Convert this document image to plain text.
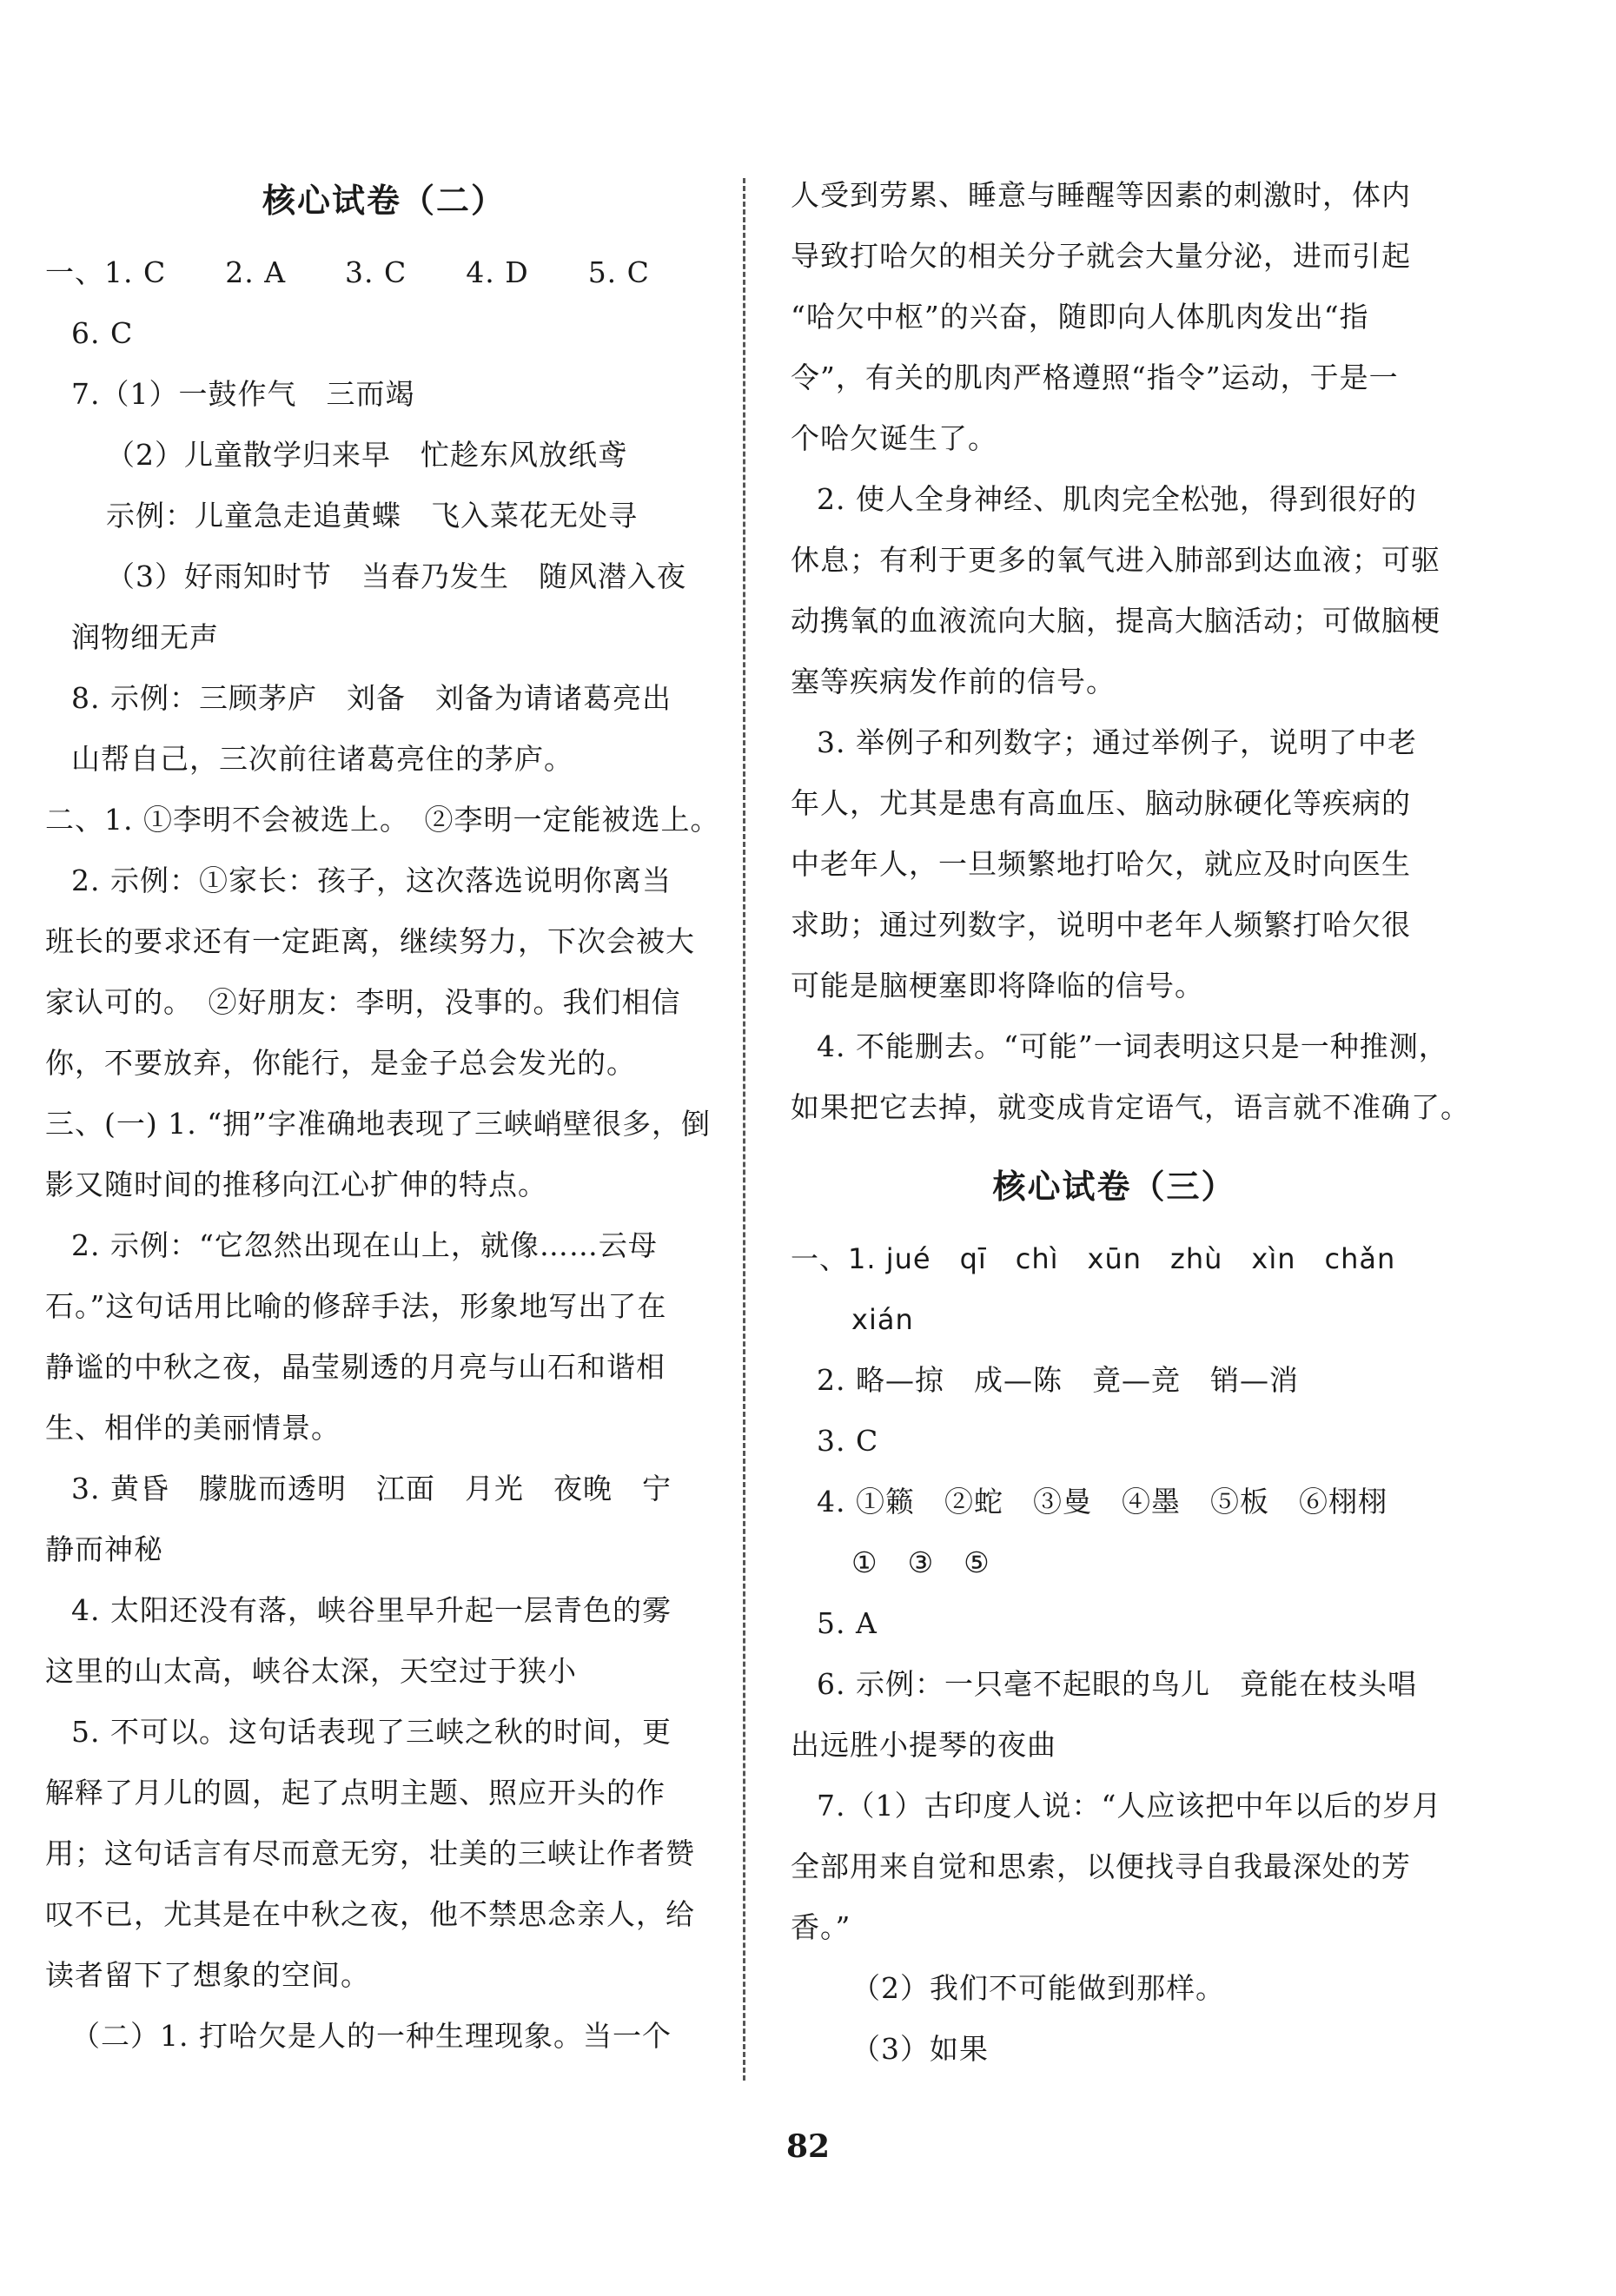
核心试卷（二）
一、1. C　　2. A　　3. C　　4. D　　5. C
6. C
7.（1）一鼓作气　三而竭
（2）儿童散学归来早　忙趁东风放纸鸢
示例：儿童急走追黄蝶　飞入菜花无处寻
（3）好雨知时节　当春乃发生　随风潜入夜
润物细无声
8. 示例：三顾茅庐　刘备　刘备为请诸葛亮出
山帮自己，三次前往诸葛亮住的茅庐。
二、1. ①李明不会被选上。　②李明一定能被选上。
2. 示例：①家长：孩子，这次落选说明你离当
班长的要求还有一定距离，继续努力，下次会被大
家认可的。　②好朋友：李明，没事的。我们相信
你，不要放弃，你能行，是金子总会发光的。
三、(一) 1. “拥”字准确地表现了三峡峭壁很多，倒
影又随时间的推移向江心扩伸的特点。
2. 示例：“它忽然出现在山上，就像……云母
石。”这句话用比喻的修辞手法，形象地写出了在
静谧的中秋之夜，晶莹剔透的月亮与山石和谐相
生、相伴的美丽情景。
3. 黄昏　朦胧而透明　江面　月光　夜晚　宁
静而神秘
4. 太阳还没有落，峡谷里早升起一层青色的雾
这里的山太高，峡谷太深，天空过于狭小
5. 不可以。这句话表现了三峡之秋的时间，更
解释了月儿的圆，起了点明主题、照应开头的作
用；这句话言有尽而意无穷，壮美的三峡让作者赞
叹不已，尤其是在中秋之夜，他不禁思念亲人，给
读者留下了想象的空间。
（二）1. 打哈欠是人的一种生理现象。当一个
人受到劳累、睡意与睡醒等因素的刺激时，体内
导致打哈欠的相关分子就会大量分泌，进而引起
“哈欠中枢”的兴奋，随即向人体肌肉发出“指
令”，有关的肌肉严格遵照“指令”运动，于是一
个哈欠诞生了。
2. 使人全身神经、肌肉完全松弛，得到很好的
休息；有利于更多的氧气进入肺部到达血液；可驱
动携氧的血液流向大脑，提高大脑活动；可做脑梗
塞等疾病发作前的信号。
3. 举例子和列数字；通过举例子，说明了中老
年人，尤其是患有高血压、脑动脉硬化等疾病的
中老年人，一旦频繁地打哈欠，就应及时向医生
求助；通过列数字，说明中老年人频繁打哈欠很
可能是脑梗塞即将降临的信号。
4. 不能删去。“可能”一词表明这只是一种推测，
如果把它去掉，就变成肯定语气，语言就不准确了。
核心试卷（三）
一、1. jué　qī　chì　xūn　zhù　xìn　chǎn
xián
2. 略—掠　成—陈　竟—竞　销—消
3. C
4. ①籁　②蛇　③曼　④墨　⑤板　⑥栩栩
①　③　⑤
5. A
6. 示例：一只毫不起眼的鸟儿　竟能在枝头唱
出远胜小提琴的夜曲
7.（1）古印度人说：“人应该把中年以后的岁月
全部用来自觉和思索，以便找寻自我最深处的芳
香。”
（2）我们不可能做到那样。
（3）如果
82
